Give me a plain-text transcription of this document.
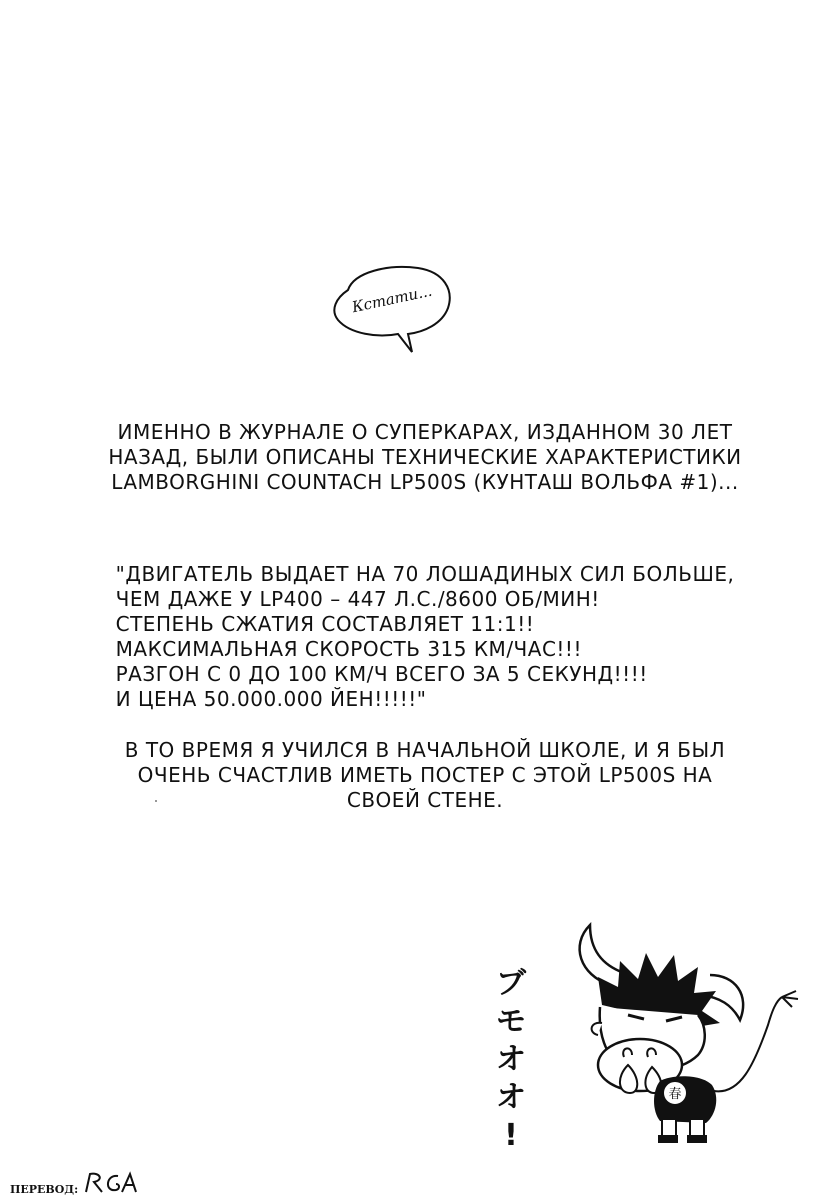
Кстати...
ИМЕННО В ЖУРНАЛЕ О СУПЕРКАРАХ, ИЗДАННОМ 30 ЛЕТ
НАЗАД, БЫЛИ ОПИСАНЫ ТЕХНИЧЕСКИЕ ХАРАКТЕРИСТИКИ
LAMBORGHINI COUNTACH LP500S (КУНТАШ ВОЛЬФА #1)...
"ДВИГАТЕЛЬ ВЫДАЕТ НА 70 ЛОШАДИНЫХ СИЛ БОЛЬШЕ,
ЧЕМ ДАЖЕ У LP400 – 447 Л.С./8600 ОБ/МИН!
СТЕПЕНЬ СЖАТИЯ СОСТАВЛЯЕТ 11:1!!
МАКСИМАЛЬНАЯ СКОРОСТЬ 315 КМ/ЧАС!!!
РАЗГОН С 0 ДО 100 КМ/Ч ВСЕГО ЗА 5 СЕКУНД!!!!
И ЦЕНА 50.000.000 ЙЕН!!!!!"
В ТО ВРЕМЯ Я УЧИЛСЯ В НАЧАЛЬНОЙ ШКОЛЕ, И Я БЫЛ
ОЧЕНЬ СЧАСТЛИВ ИМЕТЬ ПОСТЕР С ЭТОЙ LP500S НА
СВОЕЙ СТЕНЕ.
ブ
モ
オ
オ
!
春
ПЕРЕВОД:
